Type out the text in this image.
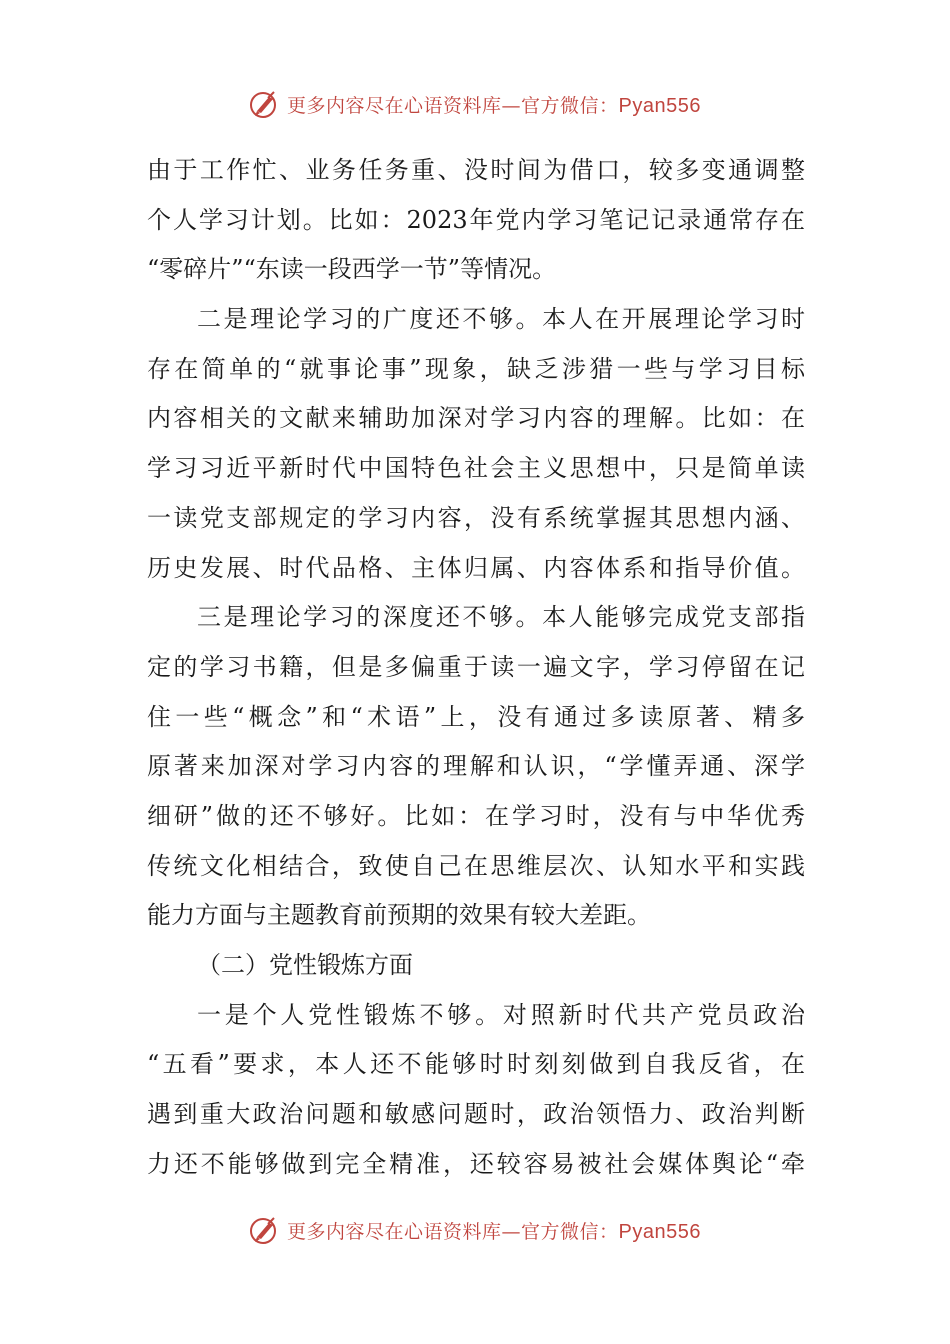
更多内容尽在心语资料库—官方微信：Pyan556
由于工作忙、业务任务重、没时间为借口，较多变通调整
个人学习计划。比如：2023年党内学习笔记记录通常存在
“零碎片”“东读一段西学一节”等情况。
二是理论学习的广度还不够。本人在开展理论学习时
存在简单的“就事论事”现象，缺乏涉猎一些与学习目标
内容相关的文献来辅助加深对学习内容的理解。比如：在
学习习近平新时代中国特色社会主义思想中，只是简单读
一读党支部规定的学习内容，没有系统掌握其思想内涵、
历史发展、时代品格、主体归属、内容体系和指导价值。
三是理论学习的深度还不够。本人能够完成党支部指
定的学习书籍，但是多偏重于读一遍文字，学习停留在记
住一些“概念”和“术语”上，没有通过多读原著、精多
原著来加深对学习内容的理解和认识，“学懂弄通、深学
细研”做的还不够好。比如：在学习时，没有与中华优秀
传统文化相结合，致使自己在思维层次、认知水平和实践
能力方面与主题教育前预期的效果有较大差距。
（二）党性锻炼方面
一是个人党性锻炼不够。对照新时代共产党员政治
“五看”要求，本人还不能够时时刻刻做到自我反省，在
遇到重大政治问题和敏感问题时，政治领悟力、政治判断
力还不能够做到完全精准，还较容易被社会媒体舆论“牵
更多内容尽在心语资料库—官方微信：Pyan556
